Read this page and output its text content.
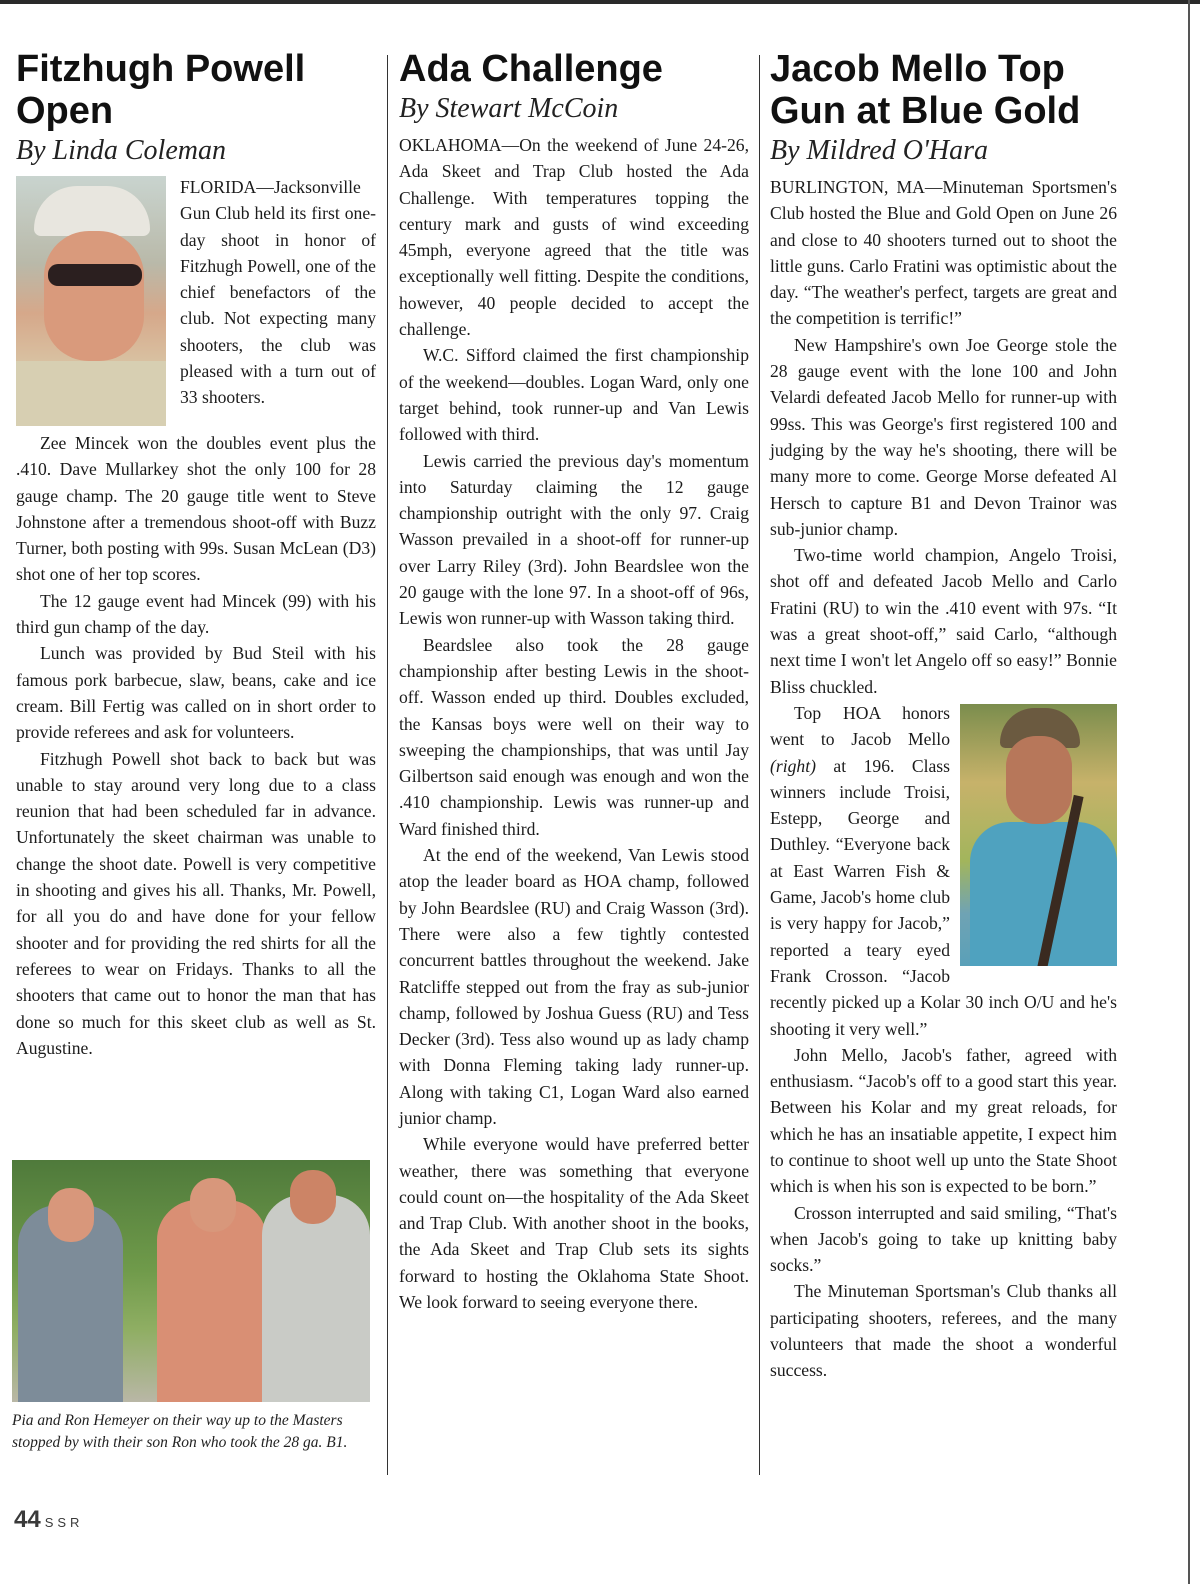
Fitzhugh Powell
Open
By Linda Coleman

FLORIDA—Jacksonville Gun Club held its first one-day shoot in honor of Fitzhugh Powell, one of the chief benefactors of the club. Not expecting many shooters, the club was pleased with a turn out of 33 shooters.

Zee Mincek won the doubles event plus the .410. Dave Mullarkey shot the only 100 for 28 gauge champ. The 20 gauge title went to Steve Johnstone after a tremendous shoot-off with Buzz Turner, both posting with 99s. Susan McLean (D3) shot one of her top scores.

The 12 gauge event had Mincek (99) with his third gun champ of the day.

Lunch was provided by Bud Steil with his famous pork barbecue, slaw, beans, cake and ice cream. Bill Fertig was called on in short order to provide referees and ask for volunteers.

Fitzhugh Powell shot back to back but was unable to stay around very long due to a class reunion that had been scheduled far in advance. Unfortunately the skeet chairman was unable to change the shoot date. Powell is very competitive in shooting and gives his all. Thanks, Mr. Powell, for all you do and have done for your fellow shooter and for providing the red shirts for all the referees to wear on Fridays. Thanks to all the shooters that came out to honor the man that has done so much for this skeet club as well as St. Augustine.

Pia and Ron Hemeyer on their way up to the Masters stopped by with their son Ron who took the 28 ga. B1.
Ada Challenge
By Stewart McCoin

OKLAHOMA—On the weekend of June 24-26, Ada Skeet and Trap Club hosted the Ada Challenge. With temperatures topping the century mark and gusts of wind exceeding 45mph, everyone agreed that the title was exceptionally well fitting. Despite the conditions, however, 40 people decided to accept the challenge.

W.C. Sifford claimed the first championship of the weekend—doubles. Logan Ward, only one target behind, took runner-up and Van Lewis followed with third.

Lewis carried the previous day's momentum into Saturday claiming the 12 gauge championship outright with the only 97. Craig Wasson prevailed in a shoot-off for runner-up over Larry Riley (3rd). John Beardslee won the 20 gauge with the lone 97. In a shoot-off of 96s, Lewis won runner-up with Wasson taking third.

Beardslee also took the 28 gauge championship after besting Lewis in the shoot-off. Wasson ended up third. Doubles excluded, the Kansas boys were well on their way to sweeping the championships, that was until Jay Gilbertson said enough was enough and won the .410 championship. Lewis was runner-up and Ward finished third.

At the end of the weekend, Van Lewis stood atop the leader board as HOA champ, followed by John Beardslee (RU) and Craig Wasson (3rd). There were also a few tightly contested concurrent battles throughout the weekend. Jake Ratcliffe stepped out from the fray as sub-junior champ, followed by Joshua Guess (RU) and Tess Decker (3rd). Tess also wound up as lady champ with Donna Fleming taking lady runner-up. Along with taking C1, Logan Ward also earned junior champ.

While everyone would have preferred better weather, there was something that everyone could count on—the hospitality of the Ada Skeet and Trap Club. With another shoot in the books, the Ada Skeet and Trap Club sets its sights forward to hosting the Oklahoma State Shoot. We look forward to seeing everyone there.

Jacob Mello Top
Gun at Blue Gold
By Mildred O'Hara

BURLINGTON, MA—Minuteman Sportsmen's Club hosted the Blue and Gold Open on June 26 and close to 40 shooters turned out to shoot the little guns. Carlo Fratini was optimistic about the day. “The weather's perfect, targets are great and the competition is terrific!”

New Hampshire's own Joe George stole the 28 gauge event with the lone 100 and John Velardi defeated Jacob Mello for runner-up with 99ss. This was George's first registered 100 and judging by the way he's shooting, there will be many more to come. George Morse defeated Al Hersch to capture B1 and Devon Trainor was sub-junior champ.

Two-time world champion, Angelo Troisi, shot off and defeated Jacob Mello and Carlo Fratini (RU) to win the .410 event with 97s. “It was a great shoot-off,” said Carlo, “although next time I won't let Angelo off so easy!” Bonnie Bliss chuckled.

Top HOA honors went to Jacob Mello (right) at 196. Class winners include Troisi, Estepp, George and Duthley. “Everyone back at East Warren Fish & Game, Jacob's home club is very happy for Jacob,” reported a teary eyed Frank Crosson. “Jacob recently picked up a Kolar 30 inch O/U and he's shooting it very well.”

John Mello, Jacob's father, agreed with enthusiasm. “Jacob's off to a good start this year. Between his Kolar and my great reloads, for which he has an insatiable appetite, I expect him to continue to shoot well up unto the State Shoot which is when his son is expected to be born.”

Crosson interrupted and said smiling, “That's when Jacob's going to take up knitting baby socks.”

The Minuteman Sportsman's Club thanks all participating shooters, referees, and the many volunteers that made the shoot a wonderful success.

44 SSR
